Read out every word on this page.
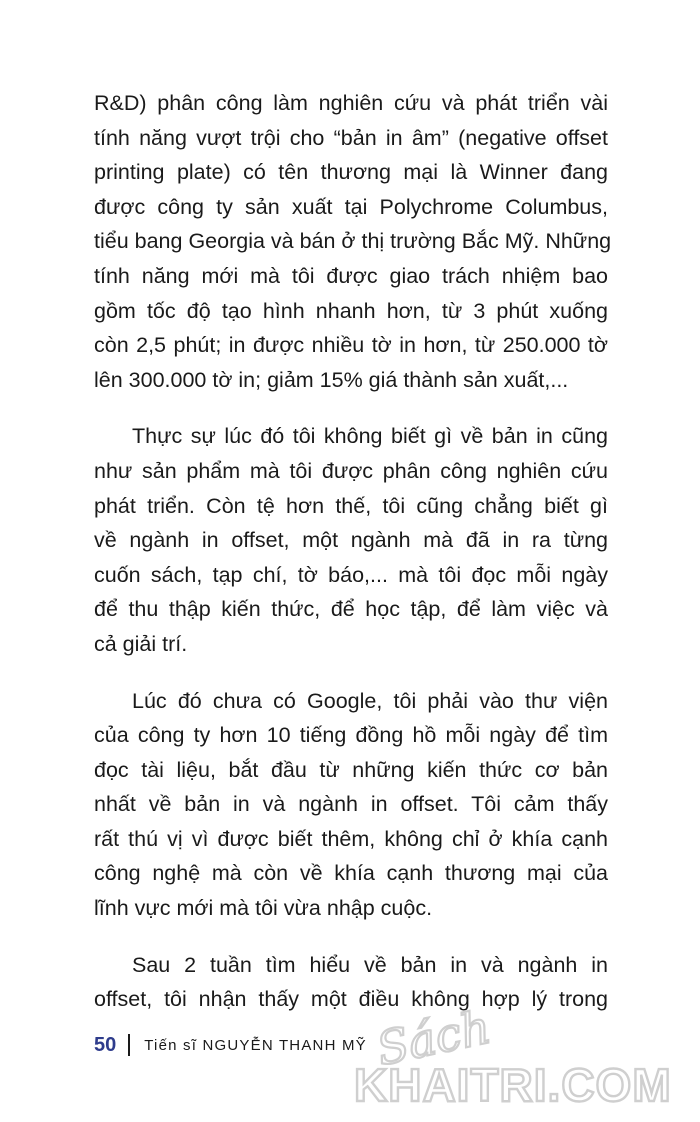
R&D) phân công làm nghiên cứu và phát triển vài
tính năng vượt trội cho “bản in âm” (negative offset
printing plate) có tên thương mại là Winner đang
được công ty sản xuất tại Polychrome Columbus,
tiểu bang Georgia và bán ở thị trường Bắc Mỹ. Những
tính năng mới mà tôi được giao trách nhiệm bao
gồm tốc độ tạo hình nhanh hơn, từ 3 phút xuống
còn 2,5 phút; in được nhiều tờ in hơn, từ 250.000 tờ
lên 300.000 tờ in; giảm 15% giá thành sản xuất,...

Thực sự lúc đó tôi không biết gì về bản in cũng
như sản phẩm mà tôi được phân công nghiên cứu
phát triển. Còn tệ hơn thế, tôi cũng chẳng biết gì
về ngành in offset, một ngành mà đã in ra từng
cuốn sách, tạp chí, tờ báo,... mà tôi đọc mỗi ngày
để thu thập kiến thức, để học tập, để làm việc và
cả giải trí.

Lúc đó chưa có Google, tôi phải vào thư viện
của công ty hơn 10 tiếng đồng hồ mỗi ngày để tìm
đọc tài liệu, bắt đầu từ những kiến thức cơ bản
nhất về bản in và ngành in offset. Tôi cảm thấy
rất thú vị vì được biết thêm, không chỉ ở khía cạnh
công nghệ mà còn về khía cạnh thương mại của
lĩnh vực mới mà tôi vừa nhập cuộc.

Sau 2 tuần tìm hiểu về bản in và ngành in
offset, tôi nhận thấy một điều không hợp lý trong

50 Tiến sĩ NGUYỄN THANH MỸ Sách
KHAITRI.COM
